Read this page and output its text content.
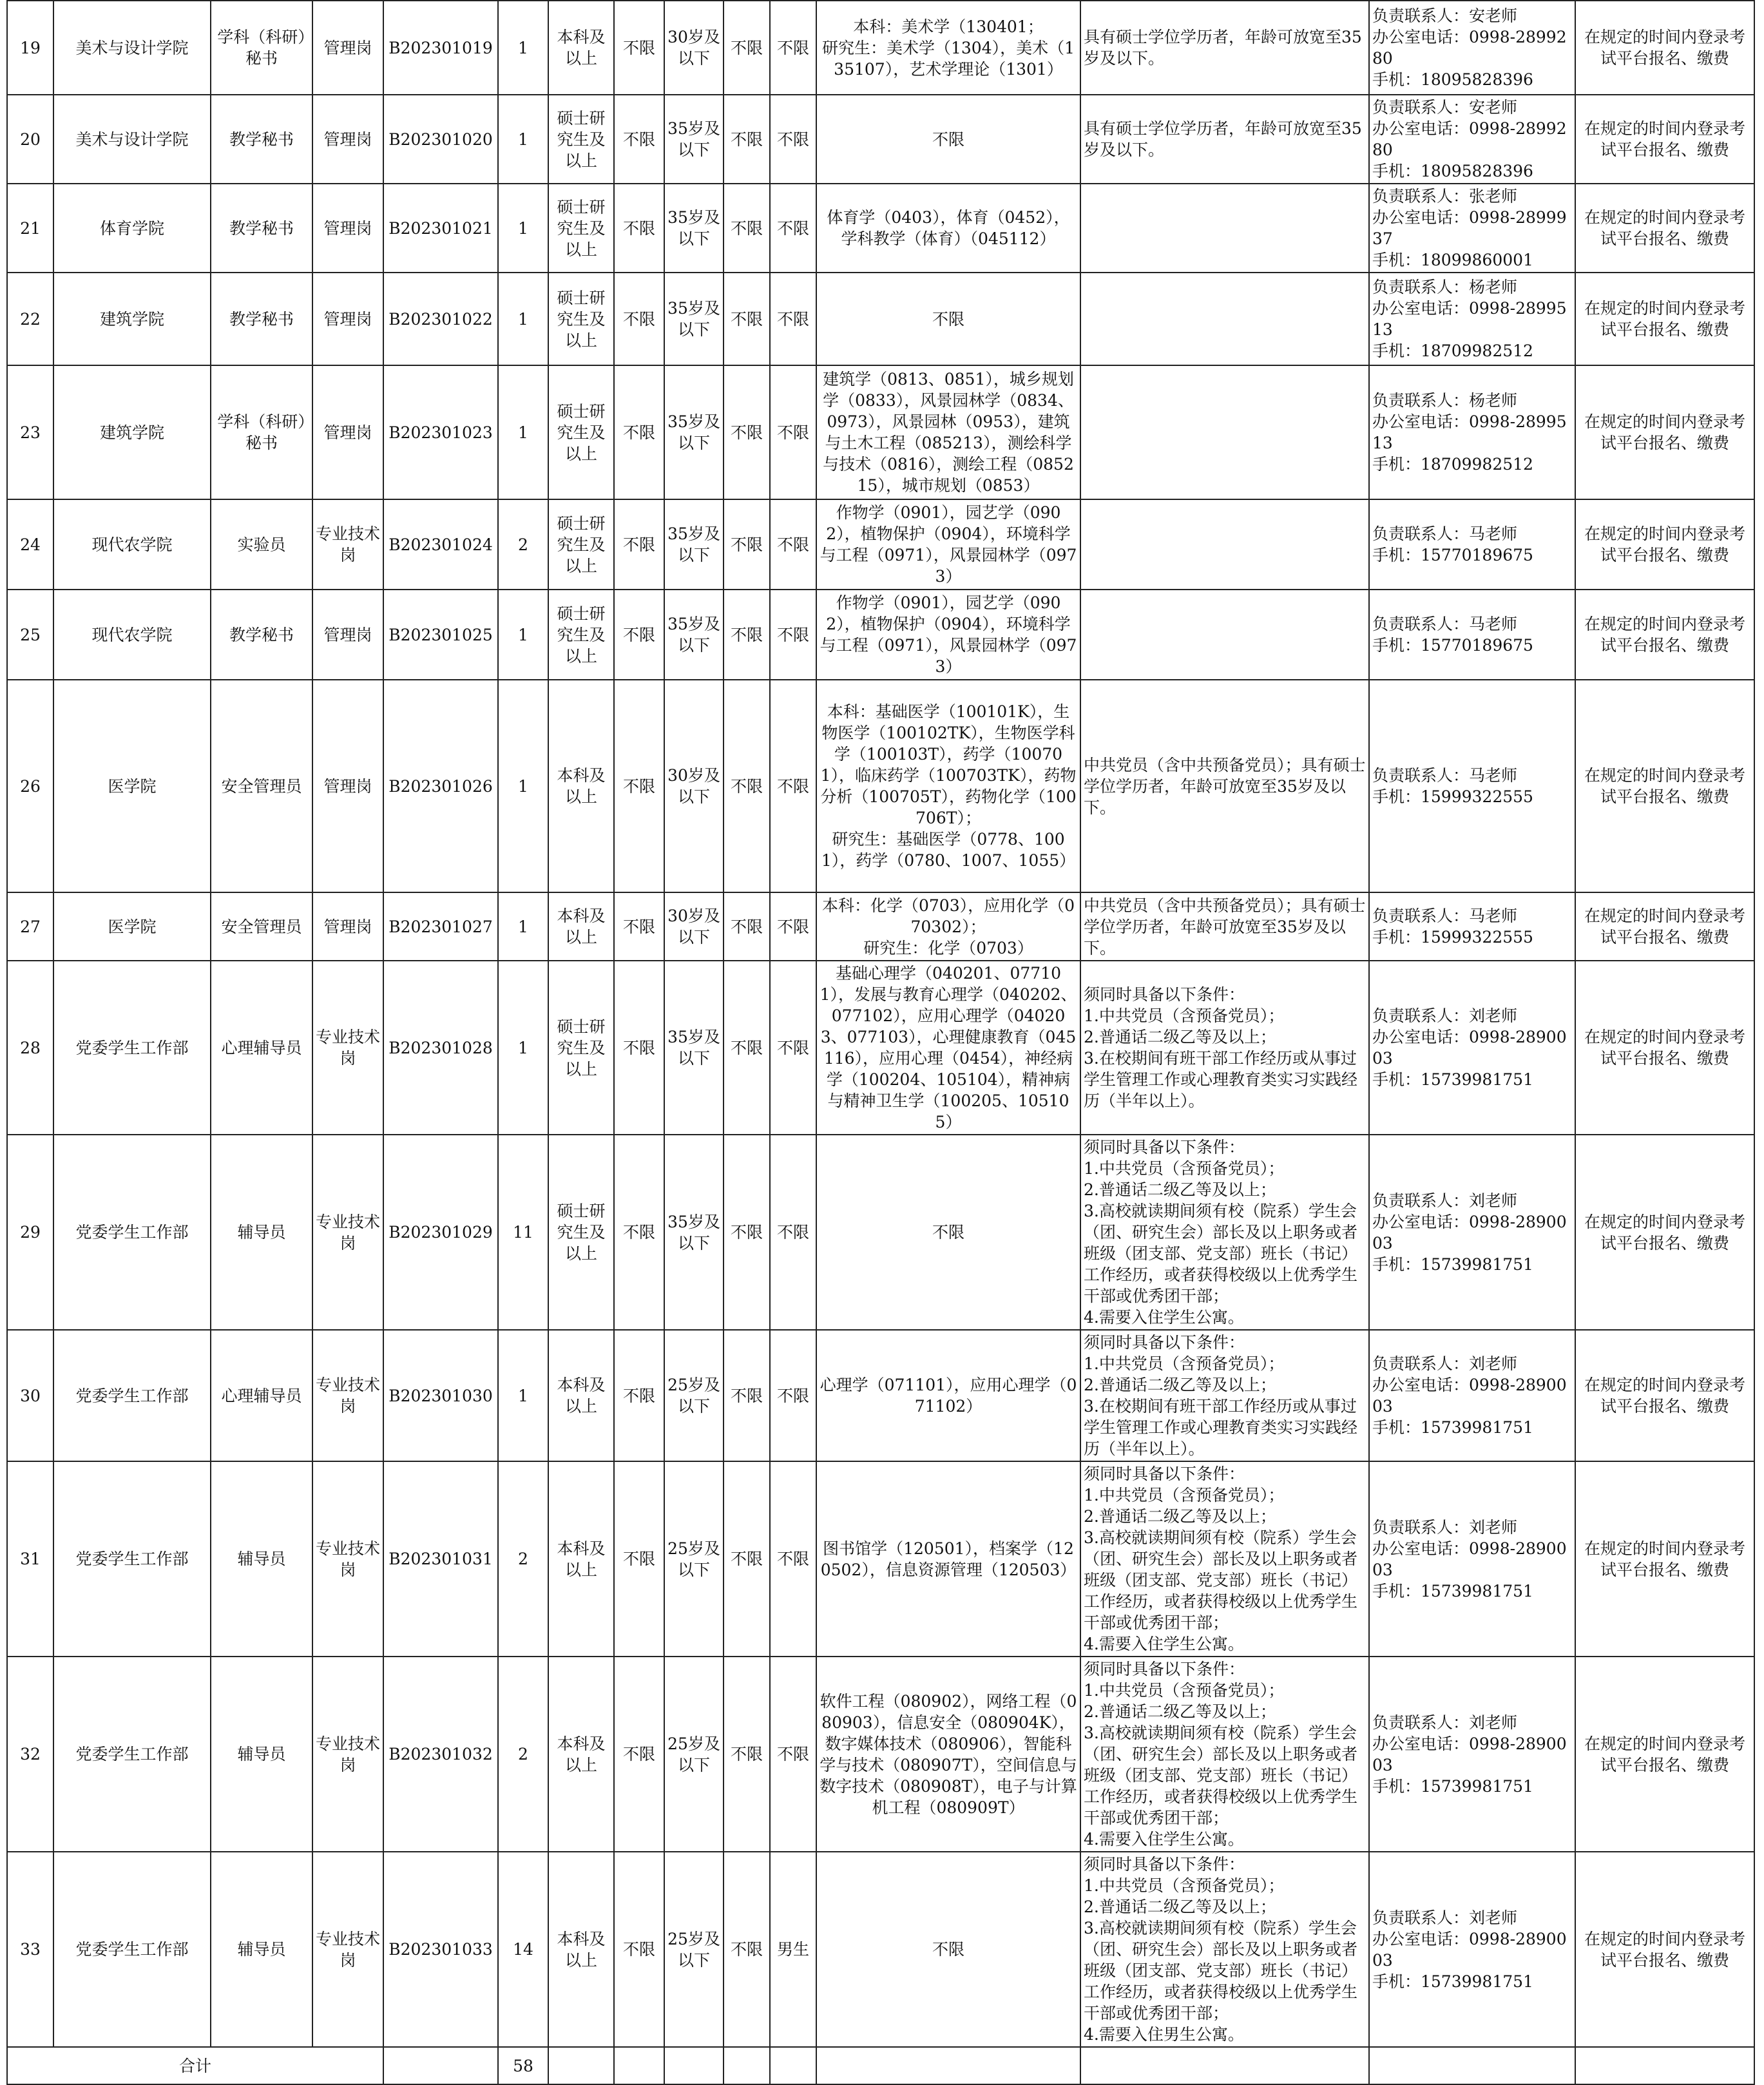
19	美术与设计学院	学科（科研）秘书	管理岗	B202301019	1	本科及以上	不限	30岁及以下	不限	不限	本科：美术学（130401；
研究生：美术学（1304），美术（135107），艺术学理论（1301）	具有硕士学位学历者，年龄可放宽至35岁及以下。	负责联系人：安老师
办公室电话：0998-2899280
手机：18095828396	在规定的时间内登录考试平台报名、缴费
20	美术与设计学院	教学秘书	管理岗	B202301020	1	硕士研究生及以上	不限	35岁及以下	不限	不限	不限	具有硕士学位学历者，年龄可放宽至35岁及以下。	负责联系人：安老师
办公室电话：0998-2899280
手机：18095828396	在规定的时间内登录考试平台报名、缴费
21	体育学院	教学秘书	管理岗	B202301021	1	硕士研究生及以上	不限	35岁及以下	不限	不限	体育学（0403），体育（0452），学科教学（体育）（045112）		负责联系人：张老师
办公室电话：0998-2899937
手机：18099860001	在规定的时间内登录考试平台报名、缴费
22	建筑学院	教学秘书	管理岗	B202301022	1	硕士研究生及以上	不限	35岁及以下	不限	不限	不限		负责联系人：杨老师
办公室电话：0998-2899513
手机：18709982512	在规定的时间内登录考试平台报名、缴费
23	建筑学院	学科（科研）秘书	管理岗	B202301023	1	硕士研究生及以上	不限	35岁及以下	不限	不限	建筑学（0813、0851），城乡规划学（0833），风景园林学（0834、0973），风景园林（0953），建筑与土木工程（085213），测绘科学与技术（0816），测绘工程（085215），城市规划（0853）		负责联系人：杨老师
办公室电话：0998-2899513
手机：18709982512	在规定的时间内登录考试平台报名、缴费
24	现代农学院	实验员	专业技术岗	B202301024	2	硕士研究生及以上	不限	35岁及以下	不限	不限	作物学（0901），园艺学（0902），植物保护（0904），环境科学与工程（0971），风景园林学（0973）		负责联系人：马老师
手机：15770189675	在规定的时间内登录考试平台报名、缴费
25	现代农学院	教学秘书	管理岗	B202301025	1	硕士研究生及以上	不限	35岁及以下	不限	不限	作物学（0901），园艺学（0902），植物保护（0904），环境科学与工程（0971），风景园林学（0973）		负责联系人：马老师
手机：15770189675	在规定的时间内登录考试平台报名、缴费
26	医学院	安全管理员	管理岗	B202301026	1	本科及以上	不限	30岁及以下	不限	不限	本科：基础医学（100101K），生物医学（100102TK），生物医学科学（100103T），药学（100701），临床药学（100703TK），药物分析（100705T），药物化学（100706T）；
研究生：基础医学（0778、1001），药学（0780、1007、1055）	中共党员（含中共预备党员）；具有硕士学位学历者，年龄可放宽至35岁及以下。	负责联系人：马老师
手机：15999322555	在规定的时间内登录考试平台报名、缴费
27	医学院	安全管理员	管理岗	B202301027	1	本科及以上	不限	30岁及以下	不限	不限	本科：化学（0703），应用化学（070302）；
研究生：化学（0703）	中共党员（含中共预备党员）；具有硕士学位学历者，年龄可放宽至35岁及以下。	负责联系人：马老师
手机：15999322555	在规定的时间内登录考试平台报名、缴费
28	党委学生工作部	心理辅导员	专业技术岗	B202301028	1	硕士研究生及以上	不限	35岁及以下	不限	不限	基础心理学（040201、077101），发展与教育心理学（040202、077102），应用心理学（040203、077103），心理健康教育（045116），应用心理（0454），神经病学（100204、105104），精神病与精神卫生学（100205、105105）	须同时具备以下条件：
1.中共党员（含预备党员）；
2.普通话二级乙等及以上；
3.在校期间有班干部工作经历或从事过学生管理工作或心理教育类实习实践经历（半年以上）。	负责联系人：刘老师
办公室电话：0998-2890003
手机：15739981751	在规定的时间内登录考试平台报名、缴费
29	党委学生工作部	辅导员	专业技术岗	B202301029	11	硕士研究生及以上	不限	35岁及以下	不限	不限	不限	须同时具备以下条件：
1.中共党员（含预备党员）；
2.普通话二级乙等及以上；
3.高校就读期间须有校（院系）学生会（团、研究生会）部长及以上职务或者班级（团支部、党支部）班长（书记）工作经历，或者获得校级以上优秀学生干部或优秀团干部；
4.需要入住学生公寓。	负责联系人：刘老师
办公室电话：0998-2890003
手机：15739981751	在规定的时间内登录考试平台报名、缴费
30	党委学生工作部	心理辅导员	专业技术岗	B202301030	1	本科及以上	不限	25岁及以下	不限	不限	心理学（071101），应用心理学（071102）	须同时具备以下条件：
1.中共党员（含预备党员）；
2.普通话二级乙等及以上；
3.在校期间有班干部工作经历或从事过学生管理工作或心理教育类实习实践经历（半年以上）。	负责联系人：刘老师
办公室电话：0998-2890003
手机：15739981751	在规定的时间内登录考试平台报名、缴费
31	党委学生工作部	辅导员	专业技术岗	B202301031	2	本科及以上	不限	25岁及以下	不限	不限	图书馆学（120501），档案学（120502），信息资源管理（120503）	须同时具备以下条件：
1.中共党员（含预备党员）；
2.普通话二级乙等及以上；
3.高校就读期间须有校（院系）学生会（团、研究生会）部长及以上职务或者班级（团支部、党支部）班长（书记）工作经历，或者获得校级以上优秀学生干部或优秀团干部；
4.需要入住学生公寓。	负责联系人：刘老师
办公室电话：0998-2890003
手机：15739981751	在规定的时间内登录考试平台报名、缴费
32	党委学生工作部	辅导员	专业技术岗	B202301032	2	本科及以上	不限	25岁及以下	不限	不限	软件工程（080902），网络工程（080903），信息安全（080904K），数字媒体技术（080906），智能科学与技术（080907T），空间信息与数字技术（080908T），电子与计算机工程（080909T）	须同时具备以下条件：
1.中共党员（含预备党员）；
2.普通话二级乙等及以上；
3.高校就读期间须有校（院系）学生会（团、研究生会）部长及以上职务或者班级（团支部、党支部）班长（书记）工作经历，或者获得校级以上优秀学生干部或优秀团干部；
4.需要入住学生公寓。	负责联系人：刘老师
办公室电话：0998-2890003
手机：15739981751	在规定的时间内登录考试平台报名、缴费
33	党委学生工作部	辅导员	专业技术岗	B202301033	14	本科及以上	不限	25岁及以下	不限	男生	不限	须同时具备以下条件：
1.中共党员（含预备党员）；
2.普通话二级乙等及以上；
3.高校就读期间须有校（院系）学生会（团、研究生会）部长及以上职务或者班级（团支部、党支部）班长（书记）工作经历，或者获得校级以上优秀学生干部或优秀团干部；
4.需要入住男生公寓。	负责联系人：刘老师
办公室电话：0998-2890003
手机：15739981751	在规定的时间内登录考试平台报名、缴费
合计					58									
